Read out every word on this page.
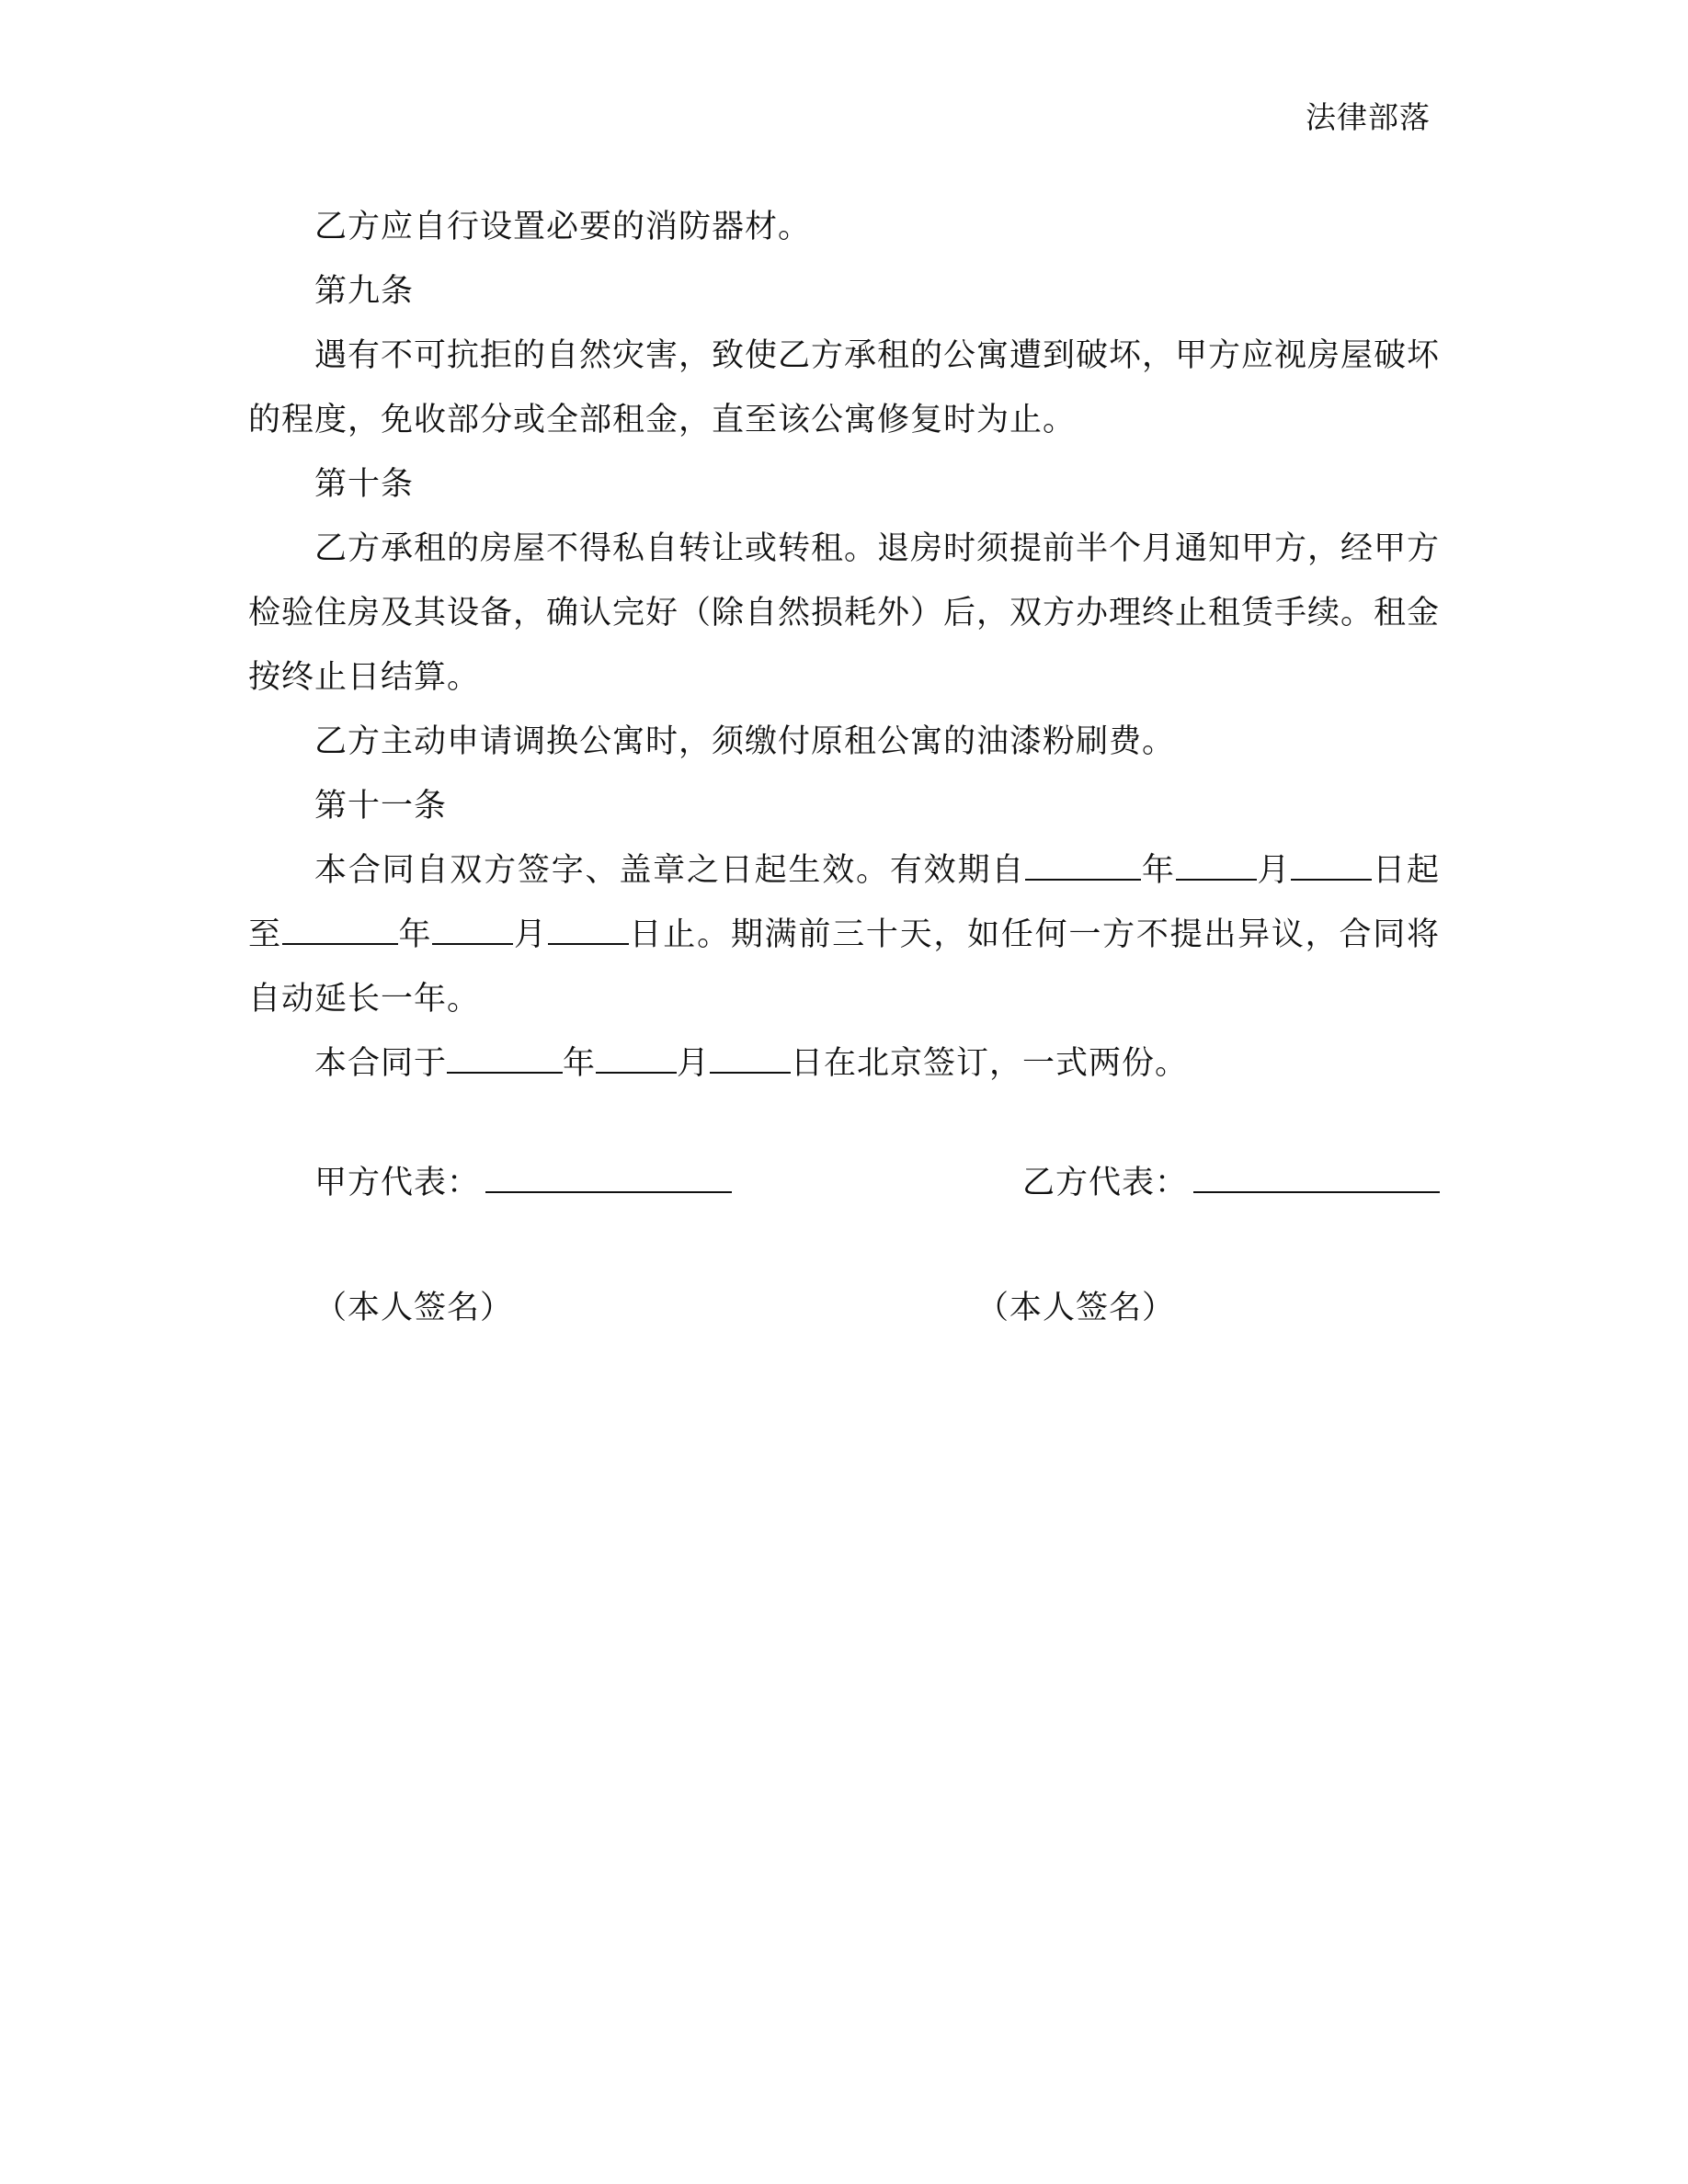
法律部落

乙方应自行设置必要的消防器材。

第九条

遇有不可抗拒的自然灾害，致使乙方承租的公寓遭到破坏，甲方应视房屋破坏的程度，免收部分或全部租金，直至该公寓修复时为止。

第十条

乙方承租的房屋不得私自转让或转租。退房时须提前半个月通知甲方，经甲方检验住房及其设备，确认完好（除自然损耗外）后，双方办理终止租赁手续。租金按终止日结算。

乙方主动申请调换公寓时，须缴付原租公寓的油漆粉刷费。

第十一条

本合同自双方签字、盖章之日起生效。有效期自	年	月	日起至	年	月	日止。期满前三十天，如任何一方不提出异议，合同将自动延长一年。

本合同于	年	月	日在北京签订，一式两份。

甲方代表：	乙方代表：
（本人签名）	（本人签名）
